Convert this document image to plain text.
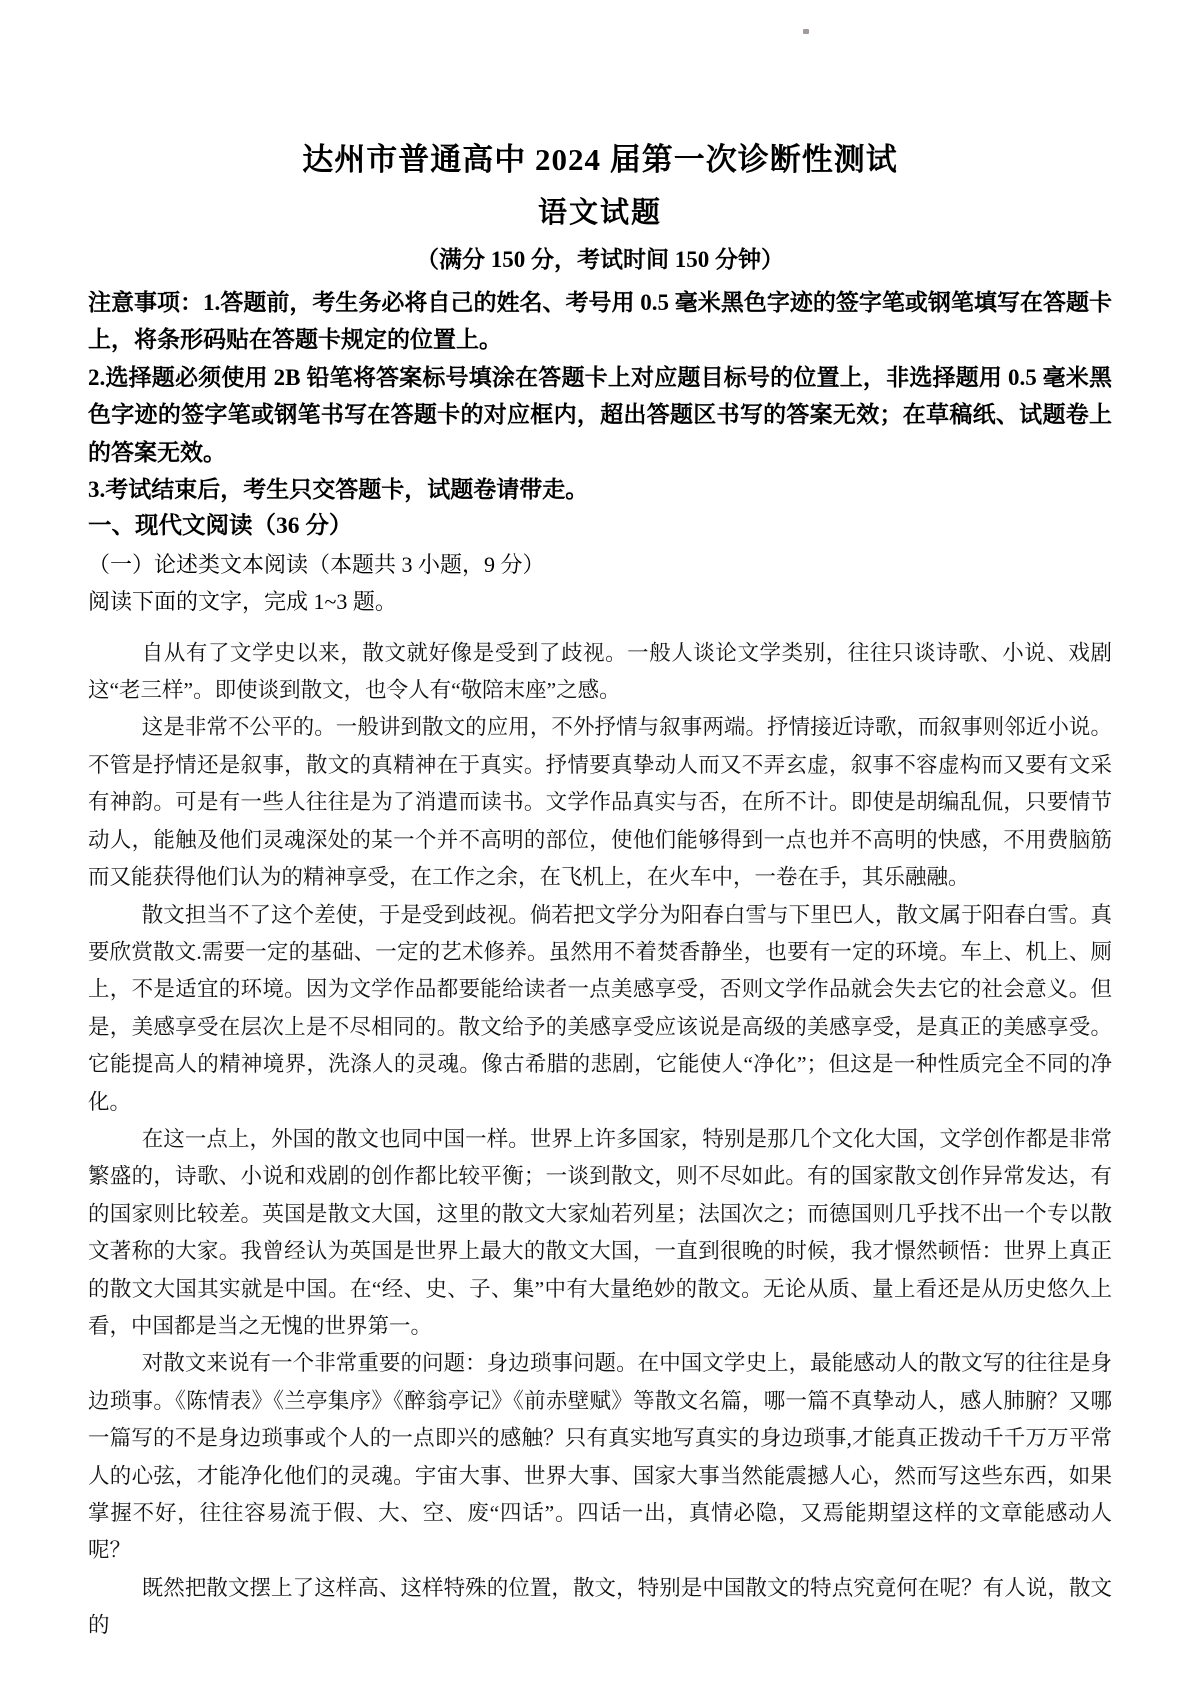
达州市普通高中 2024 届第一次诊断性测试
语文试题

（满分 150 分，考试时间 150 分钟）

注意事项：1.答题前，考生务必将自己的姓名、考号用 0.5 毫米黑色字迹的签字笔或钢笔填写在答题卡上，将条形码贴在答题卡规定的位置上。

2.选择题必须使用 2B 铅笔将答案标号填涂在答题卡上对应题目标号的位置上，非选择题用 0.5 毫米黑色字迹的签字笔或钢笔书写在答题卡的对应框内，超出答题区书写的答案无效；在草稿纸、试题卷上的答案无效。

3.考试结束后，考生只交答题卡，试题卷请带走。

一、现代文阅读（36 分）

（一）论述类文本阅读（本题共 3 小题，9 分）

阅读下面的文字，完成 1~3 题。

自从有了文学史以来，散文就好像是受到了歧视。一般人谈论文学类别，往往只谈诗歌、小说、戏剧这“老三样”。即使谈到散文，也令人有“敬陪末座”之感。

这是非常不公平的。一般讲到散文的应用，不外抒情与叙事两端。抒情接近诗歌，而叙事则邻近小说。不管是抒情还是叙事，散文的真精神在于真实。抒情要真挚动人而又不弄玄虚，叙事不容虚构而又要有文采有神韵。可是有一些人往往是为了消遣而读书。文学作品真实与否，在所不计。即使是胡编乱侃，只要情节动人，能触及他们灵魂深处的某一个并不高明的部位，使他们能够得到一点也并不高明的快感，不用费脑筋而又能获得他们认为的精神享受，在工作之余，在飞机上，在火车中，一卷在手，其乐融融。

散文担当不了这个差使，于是受到歧视。倘若把文学分为阳春白雪与下里巴人，散文属于阳春白雪。真要欣赏散文.需要一定的基础、一定的艺术修养。虽然用不着焚香静坐，也要有一定的环境。车上、机上、厕上，不是适宜的环境。因为文学作品都要能给读者一点美感享受，否则文学作品就会失去它的社会意义。但是，美感享受在层次上是不尽相同的。散文给予的美感享受应该说是高级的美感享受，是真正的美感享受。它能提高人的精神境界，洗涤人的灵魂。像古希腊的悲剧，它能使人“净化”；但这是一种性质完全不同的净化。

在这一点上，外国的散文也同中国一样。世界上许多国家，特别是那几个文化大国，文学创作都是非常繁盛的，诗歌、小说和戏剧的创作都比较平衡；一谈到散文，则不尽如此。有的国家散文创作异常发达，有的国家则比较差。英国是散文大国，这里的散文大家灿若列星；法国次之；而德国则几乎找不出一个专以散文著称的大家。我曾经认为英国是世界上最大的散文大国，一直到很晚的时候，我才憬然顿悟：世界上真正的散文大国其实就是中国。在“经、史、子、集”中有大量绝妙的散文。无论从质、量上看还是从历史悠久上看，中国都是当之无愧的世界第一。

对散文来说有一个非常重要的问题：身边琐事问题。在中国文学史上，最能感动人的散文写的往往是身边琐事。《陈情表》《兰亭集序》《醉翁亭记》《前赤壁赋》等散文名篇，哪一篇不真挚动人，感人肺腑？又哪一篇写的不是身边琐事或个人的一点即兴的感触？只有真实地写真实的身边琐事,才能真正拨动千千万万平常人的心弦，才能净化他们的灵魂。宇宙大事、世界大事、国家大事当然能震撼人心，然而写这些东西，如果掌握不好，往往容易流于假、大、空、废“四话”。四话一出，真情必隐，又焉能期望这样的文章能感动人呢？

既然把散文摆上了这样高、这样特殊的位置，散文，特别是中国散文的特点究竟何在呢？有人说，散文的
